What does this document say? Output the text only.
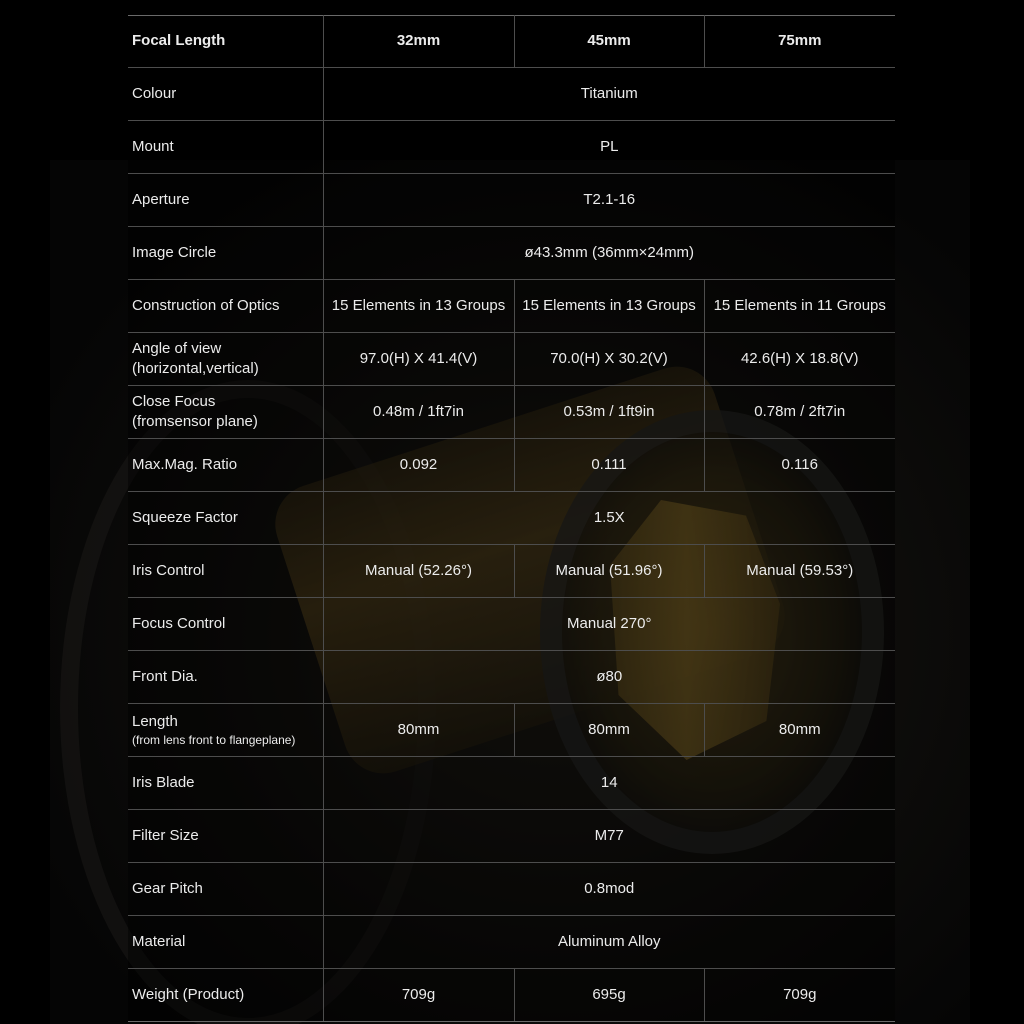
Focal Length	32mm	45mm	75mm
Colour	Titanium		
Mount	PL		
Aperture	T2.1-16		
Image Circle	ø43.3mm (36mm×24mm)		
Construction of Optics	15 Elements in 13 Groups	15 Elements in 13 Groups	15 Elements in 11 Groups

Angle of view
(horizontal,vertical)	97.0(H) X 41.4(V)	70.0(H) X 30.2(V)	42.6(H) X 18.8(V)

Close Focus
(fromsensor plane)	0.48m / 1ft7in	0.53m / 1ft9in	0.78m / 2ft7in
Max.Mag. Ratio	0.092	0.111	0.116
Squeeze Factor	1.5X		
Iris Control	Manual (52.26°)	Manual (51.96°)	Manual (59.53°)
Focus Control	Manual 270°		
Front Dia.	ø80		

Length
(from lens front to flangeplane)	80mm	80mm	80mm
Iris Blade	14		
Filter Size	M77		
Gear Pitch	0.8mod		
Material	Aluminum Alloy		
Weight (Product)	709g	695g	709g
